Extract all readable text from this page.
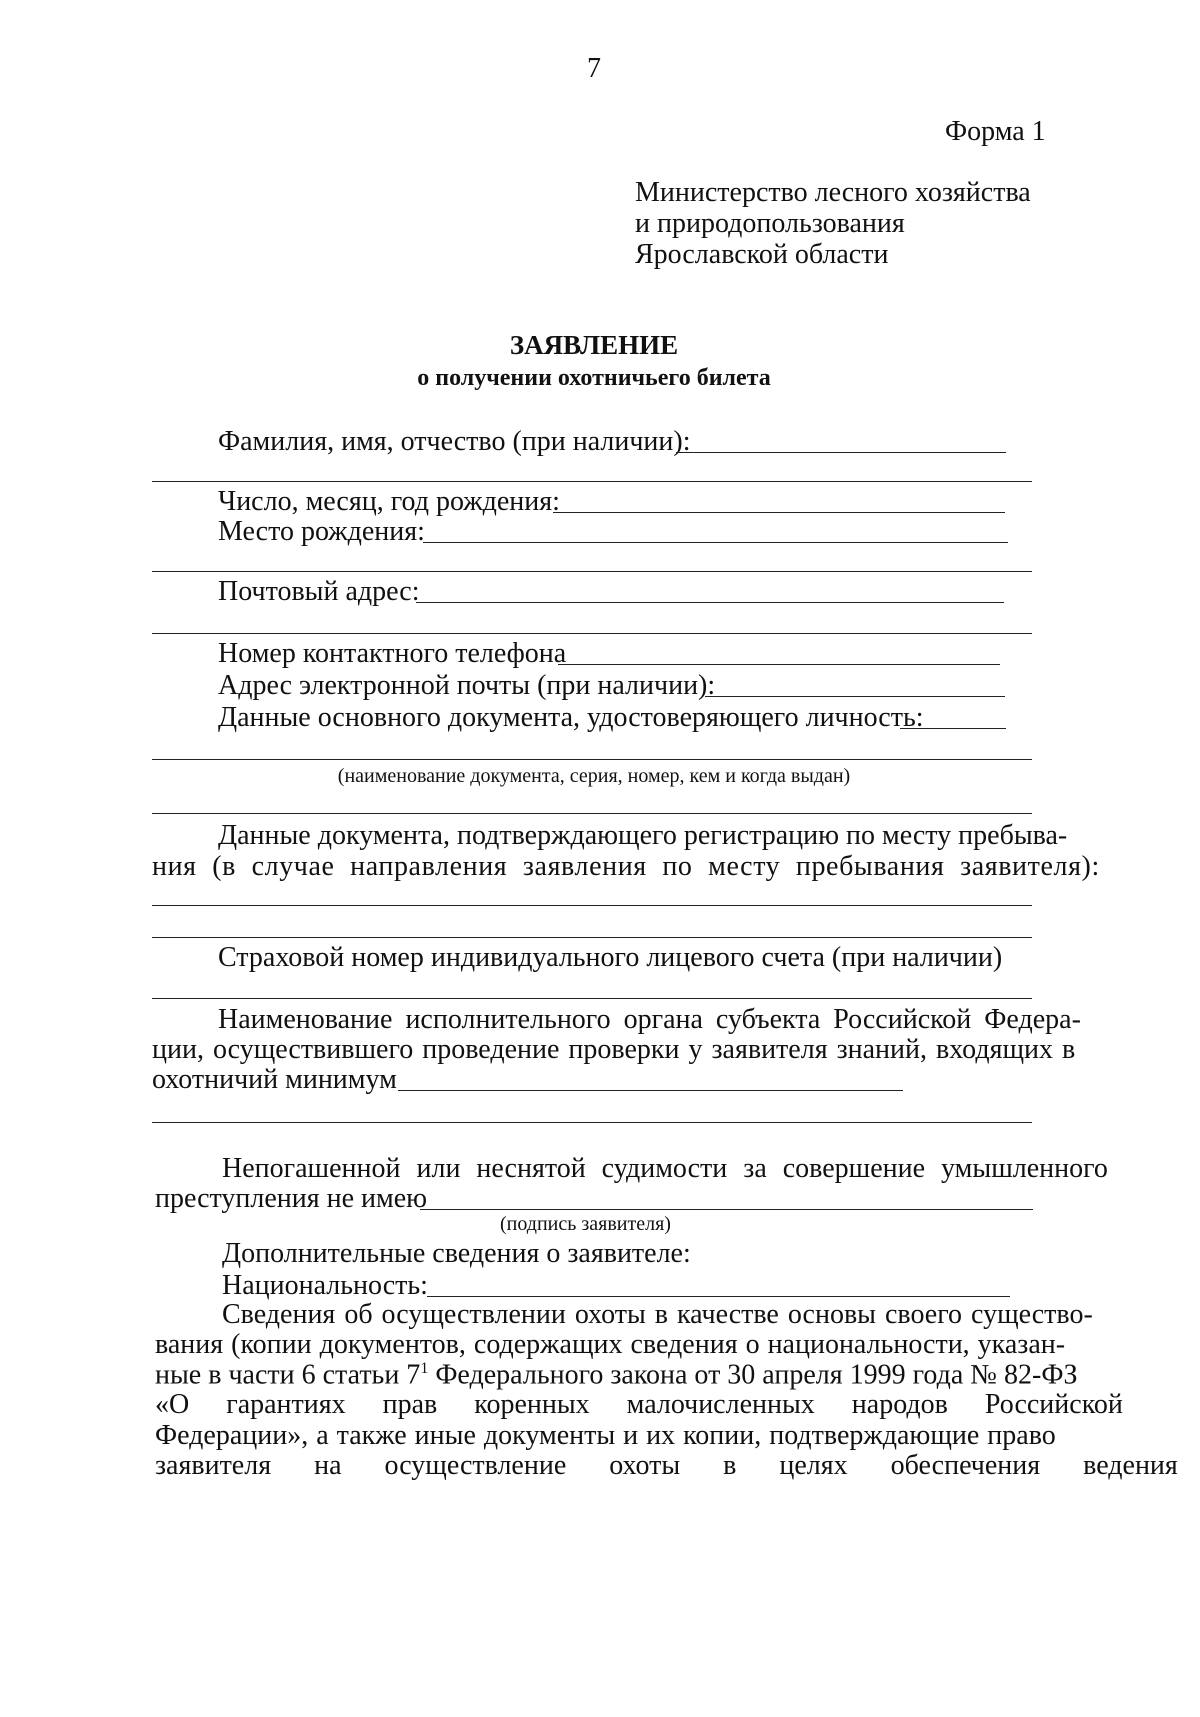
7
Форма 1
Министерство лесного хозяйства
и природопользования
Ярославской области
ЗАЯВЛЕНИЕ
о получении охотничьего билета
Фамилия, имя, отчество (при наличии):
Число, месяц, год рождения:
Место рождения:
Почтовый адрес:
Номер контактного телефона
Адрес электронной почты (при наличии):
Данные основного документа, удостоверяющего личность:
(наименование документа, серия, номер, кем и когда выдан)
Данные документа, подтверждающего регистрацию по месту пребыва-
ния (в случае направления заявления по месту пребывания заявителя):
Страховой номер индивидуального лицевого счета (при наличии)
Наименование исполнительного органа субъекта Российской Федера-
ции, осуществившего проведение проверки у заявителя знаний, входящих в
охотничий минимум
Непогашенной или неснятой судимости за совершение умышленного
преступления не имею
(подпись заявителя)
Дополнительные сведения о заявителе:
Национальность:
Сведения об осуществлении охоты в качестве основы своего существо-
вания (копии документов, содержащих сведения о национальности, указан-
ные в части 6 статьи $7^1$ Федерального закона от 30 апреля 1999 года № 82-ФЗ
«О гарантиях прав коренных малочисленных народов Российской
Федерации», а также иные документы и их копии, подтверждающие право
заявителя на осуществление охоты в целях обеспечения ведения
